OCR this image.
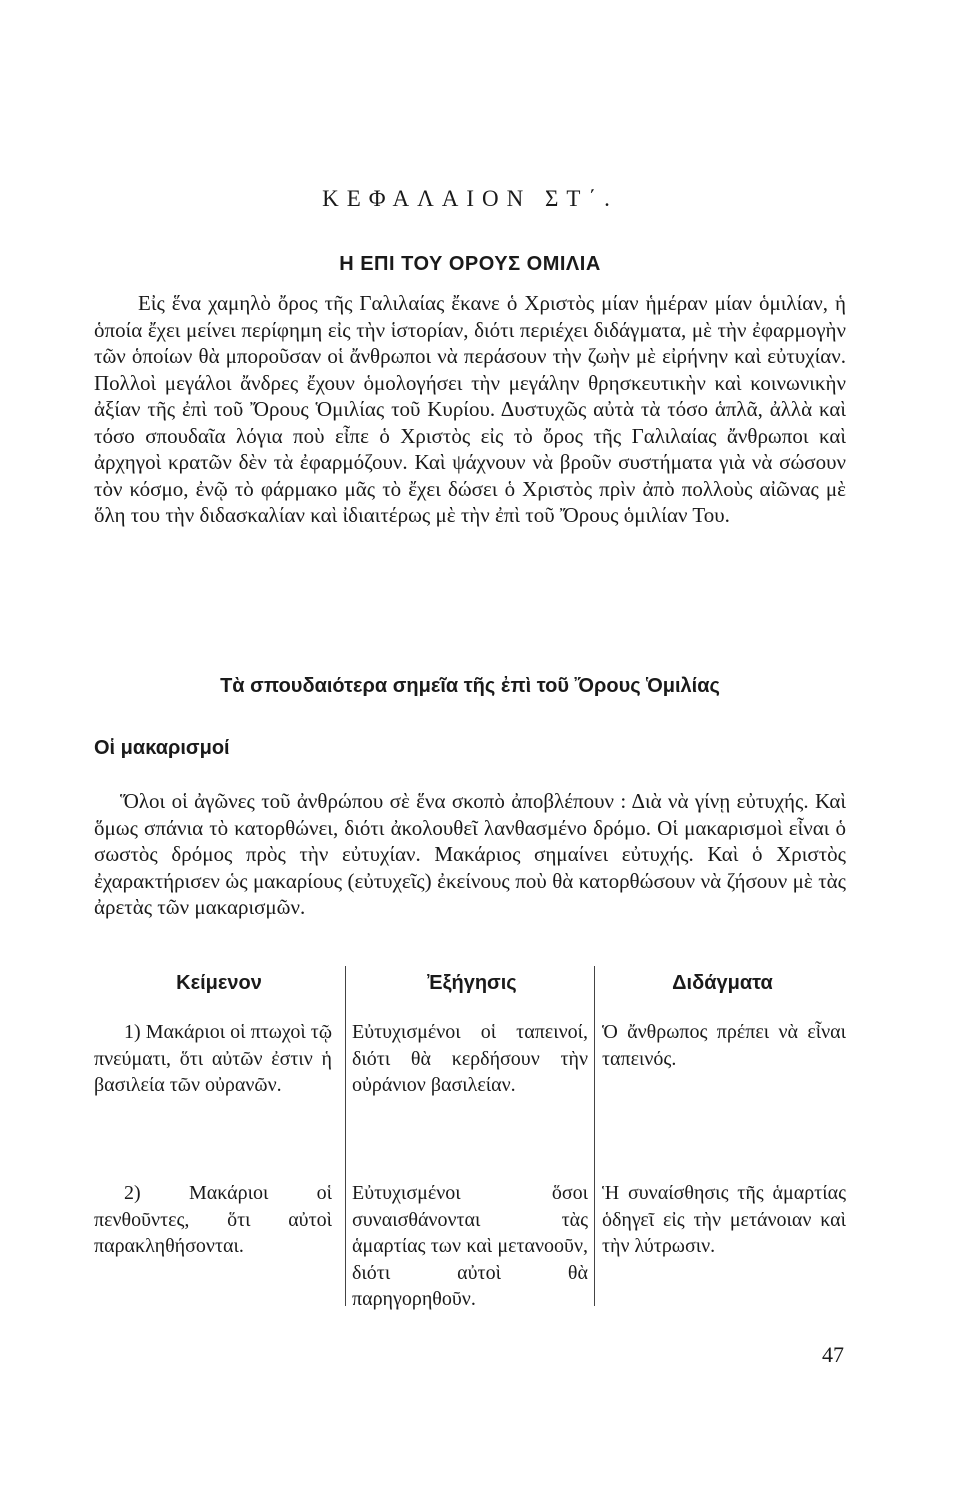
ΚΕΦΑΛΑΙΟΝ ΣΤ΄.
Η ΕΠΙ ΤΟΥ ΟΡΟΥΣ ΟΜΙΛΙΑ

Εἰς ἕνα χαμηλὸ ὄρος τῆς Γαλιλαίας ἔκανε ὁ Χριστὸς μίαν ἡμέραν μίαν ὁμιλίαν, ἡ ὁποία ἔχει μείνει περίφημη εἰς τὴν ἱστορίαν, διότι περιέχει διδάγματα, μὲ τὴν ἐφαρμογὴν τῶν ὁποίων θὰ μποροῦσαν οἱ ἄνθρωποι νὰ περάσουν τὴν ζωὴν μὲ εἰρήνην καὶ εὐτυχίαν. Πολλοὶ μεγάλοι ἄνδρες ἔχουν ὁμολογήσει τὴν μεγάλην θρησκευτικὴν καὶ κοινωνικὴν ἀξίαν τῆς ἐπὶ τοῦ Ὄρους Ὁμιλίας τοῦ Κυρίου. Δυστυχῶς αὐτὰ τὰ τόσο ἁπλᾶ, ἀλλὰ καὶ τόσο σπουδαῖα λόγια ποὺ εἶπε ὁ Χριστὸς εἰς τὸ ὄρος τῆς Γαλιλαίας ἄνθρωποι καὶ ἀρχηγοὶ κρατῶν δὲν τὰ ἐφαρμόζουν. Καὶ ψάχνουν νὰ βροῦν συστήματα γιὰ νὰ σώσουν τὸν κόσμο, ἐνῷ τὸ φάρμακο μᾶς τὸ ἔχει δώσει ὁ Χριστὸς πρὶν ἀπὸ πολλοὺς αἰῶνας μὲ ὅλη του τὴν διδασκαλίαν καὶ ἰδιαιτέρως μὲ τὴν ἐπὶ τοῦ Ὄρους ὁμιλίαν Του.

Τὰ σπουδαιότερα σημεῖα τῆς ἐπὶ τοῦ Ὄρους Ὁμιλίας
Οἱ μακαρισμοί

Ὅλοι οἱ ἀγῶνες τοῦ ἀνθρώπου σὲ ἕνα σκοπὸ ἀποβλέπουν : Διὰ νὰ γίνῃ εὐτυχής. Καὶ ὅμως σπάνια τὸ κατορθώνει, διότι ἀκολουθεῖ λανθασμένο δρόμο. Οἱ μακαρισμοὶ εἶναι ὁ σωστὸς δρόμος πρὸς τὴν εὐτυχίαν. Μακάριος σημαίνει εὐτυχής. Καὶ ὁ Χριστὸς ἐχαρακτήρισεν ὡς μακαρίους (εὐτυχεῖς) ἐκείνους ποὺ θὰ κατορθώσουν νὰ ζήσουν μὲ τὰς ἀρετὰς τῶν μακαρισμῶν.

Κείμενον	Ἐξήγησις	Διδάγματα

1) Μακάριοι οἱ πτωχοὶ τῷ πνεύματι, ὅτι αὐτῶν ἐστιν ἡ βασιλεία τῶν οὐρανῶν.

Εὐτυχισμένοι οἱ ταπεινοί, διότι θὰ κερδήσουν τὴν οὐράνιον βασιλείαν.

Ὁ ἄνθρωπος πρέπει νὰ εἶναι ταπεινός.

2) Μακάριοι οἱ πενθοῦντες, ὅτι αὐτοὶ παρακληθήσονται.

Εὐτυχισμένοι ὅσοι συναισθάνονται τὰς ἁμαρτίας των καὶ μετανοοῦν, διότι αὐτοὶ θὰ παρηγορηθοῦν.

Ἡ συναίσθησις τῆς ἁμαρτίας ὁδηγεῖ εἰς τὴν μετάνοιαν καὶ τὴν λύτρωσιν.

47
